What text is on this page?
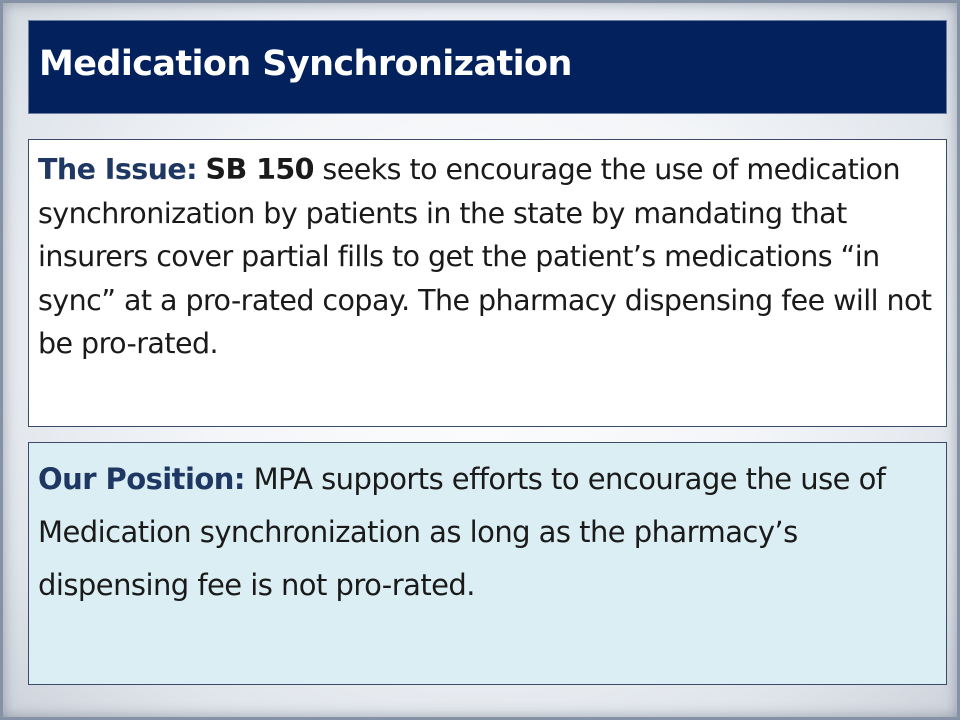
Medication Synchronization

The Issue: SB 150 seeks to encourage the use of medication synchronization by patients in the state by mandating that insurers cover partial fills to get the patient’s medications “in sync” at a pro-rated copay. The pharmacy dispensing fee will not be pro-rated.

Our Position: MPA supports efforts to encourage the use of Medication synchronization as long as the pharmacy’s dispensing fee is not pro-rated.
